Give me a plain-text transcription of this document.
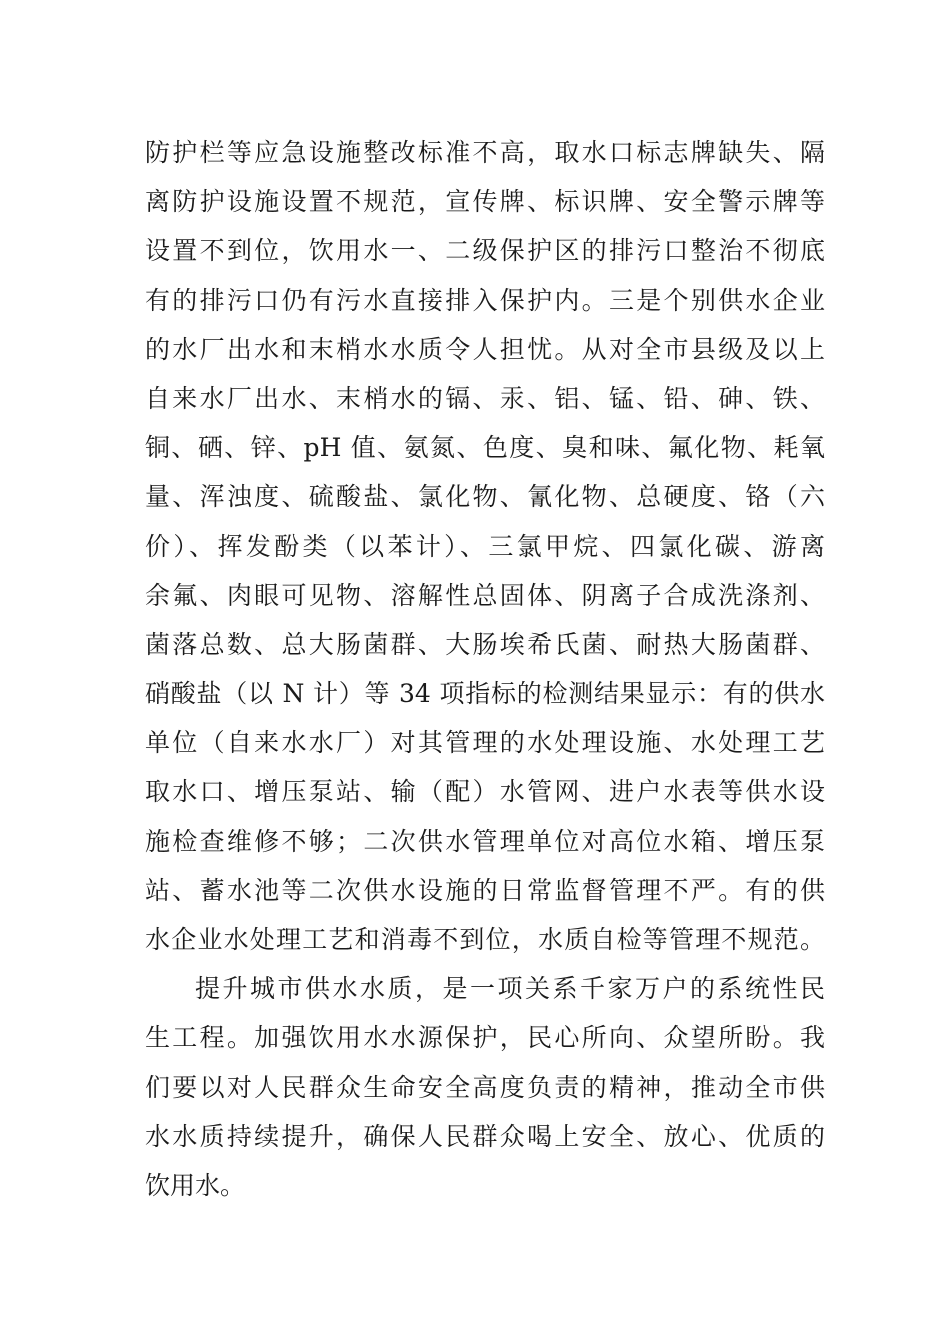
防护栏等应急设施整改标准不高，取水口标志牌缺失、隔
离防护设施设置不规范，宣传牌、标识牌、安全警示牌等
设置不到位，饮用水一、二级保护区的排污口整治不彻底
有的排污口仍有污水直接排入保护内。三是个别供水企业
的水厂出水和末梢水水质令人担忧。从对全市县级及以上
自来水厂出水、末梢水的镉、汞、铝、锰、铅、砷、铁、
铜、硒、锌、pH 值、氨氮、色度、臭和味、氟化物、耗氧
量、浑浊度、硫酸盐、氯化物、氰化物、总硬度、铬（六
价）、挥发酚类（以苯计）、三氯甲烷、四氯化碳、游离
余氟、肉眼可见物、溶解性总固体、阴离子合成洗涤剂、
菌落总数、总大肠菌群、大肠埃希氏菌、耐热大肠菌群、
硝酸盐（以 N 计）等 34 项指标的检测结果显示：有的供水
单位（自来水水厂）对其管理的水处理设施、水处理工艺
取水口、增压泵站、输（配）水管网、进户水表等供水设
施检查维修不够；二次供水管理单位对高位水箱、增压泵
站、蓄水池等二次供水设施的日常监督管理不严。有的供
水企业水处理工艺和消毒不到位，水质自检等管理不规范。
提升城市供水水质，是一项关系千家万户的系统性民
生工程。加强饮用水水源保护，民心所向、众望所盼。我
们要以对人民群众生命安全高度负责的精神，推动全市供
水水质持续提升，确保人民群众喝上安全、放心、优质的
饮用水。
